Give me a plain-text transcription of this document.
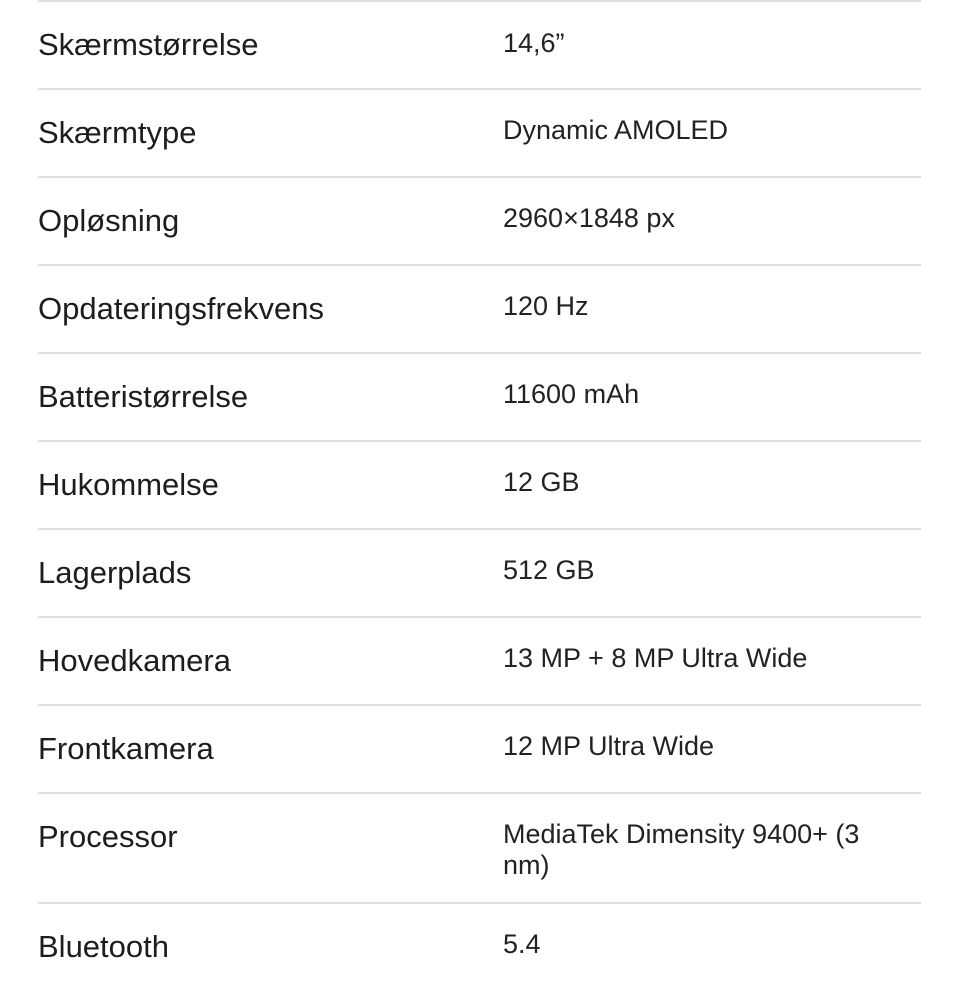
Skærmstørrelse	14,6”
Skærmtype	Dynamic AMOLED
Opløsning	2960×1848 px
Opdateringsfrekvens	120 Hz
Batteristørrelse	11600 mAh
Hukommelse	12 GB
Lagerplads	512 GB
Hovedkamera	13 MP + 8 MP Ultra Wide
Frontkamera	12 MP Ultra Wide
Processor	MediaTek Dimensity 9400+ (3 nm)
Bluetooth	5.4
